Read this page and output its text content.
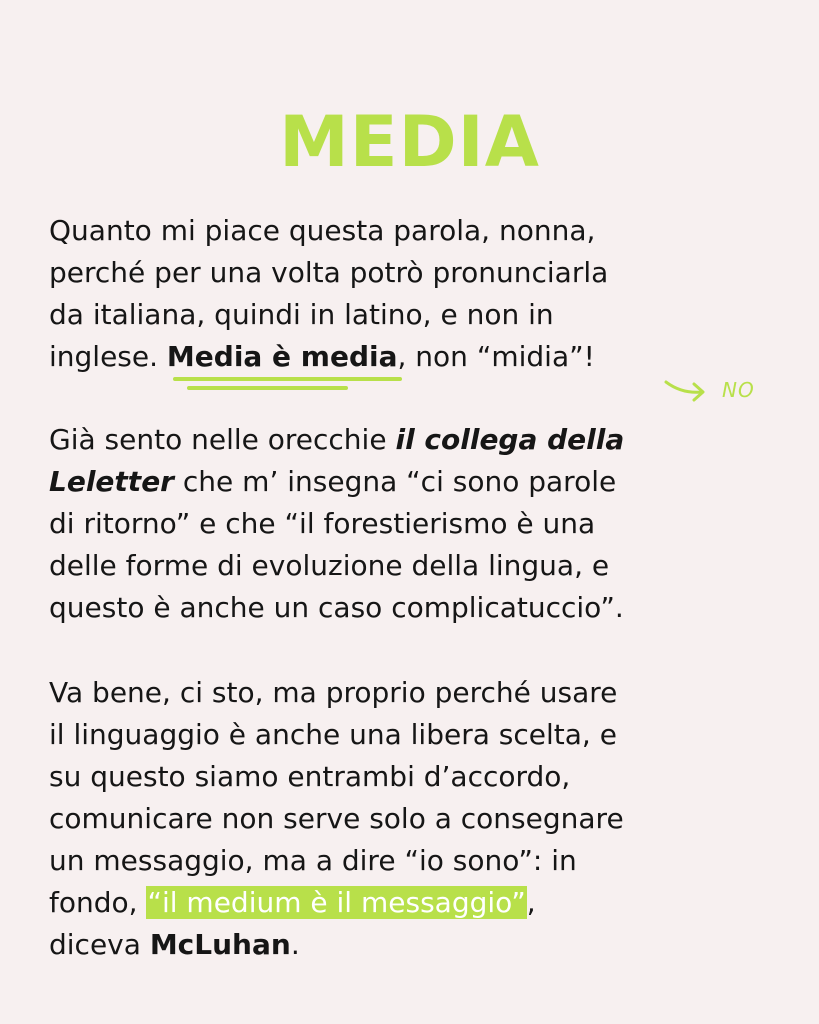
MEDIA

Quanto mi piace questa parola, nonna,
perché per una volta potrò pronunciarla
da italiana, quindi in latino, e non in
inglese. Media è media
, non “midia”!

NO

Già sento nelle orecchie il collega della
Leletter che m’ insegna “ci sono parole
di ritorno” e che “il forestierismo è una
delle forme di evoluzione della lingua, e
questo è anche un caso complicatuccio”.

Va bene, ci sto, ma proprio perché usare
il linguaggio è anche una libera scelta, e
su questo siamo entrambi d’accordo,
comunicare non serve solo a consegnare
un messaggio, ma a dire “io sono”: in
fondo, “il medium è il messaggio”,
diceva McLuhan.
